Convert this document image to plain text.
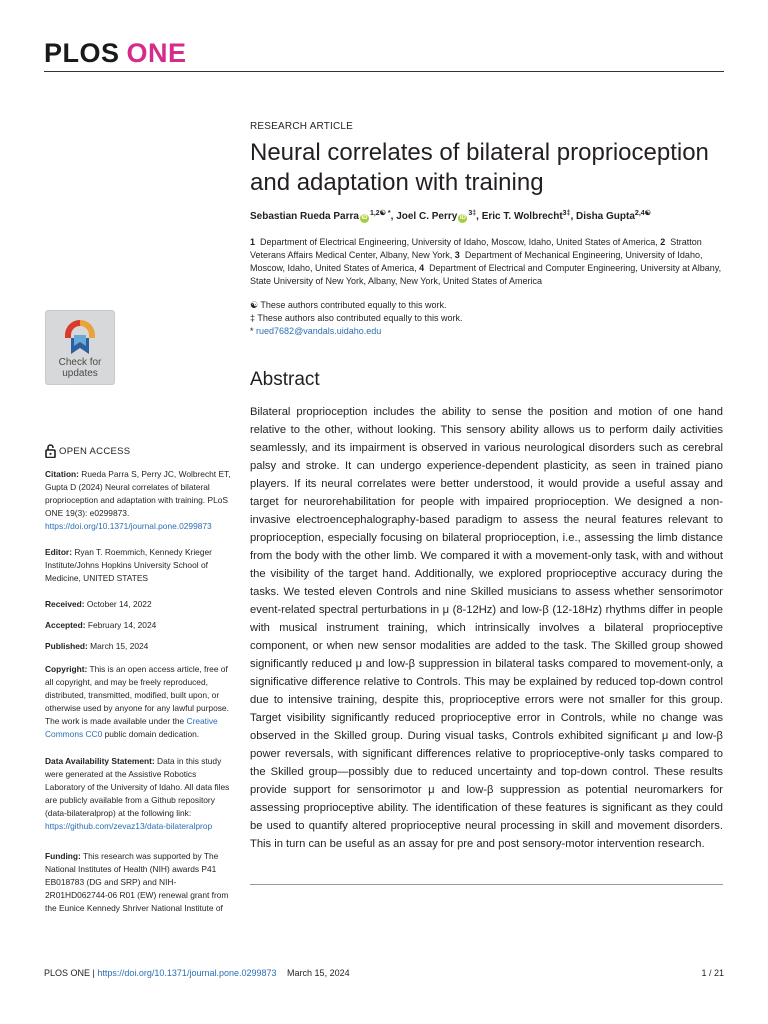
PLOS ONE
Check for
updates
RESEARCH ARTICLE
Neural correlates of bilateral proprioception and adaptation with training
Sebastian Rueda Parra $iD^{1,2☯ *}$, Joel C. Perry $iD^{3\ddagger}$, Eric T. Wolbrecht$^{3\ddagger}$, Disha Gupta$^{2,4☯}$
1 Department of Electrical Engineering, University of Idaho, Moscow, Idaho, United States of America, 2 Stratton Veterans Affairs Medical Center, Albany, New York, 3 Department of Mechanical Engineering, University of Idaho, Moscow, Idaho, United States of America, 4 Department of Electrical and Computer Engineering, University at Albany, State University of New York, Albany, New York, United States of America
☯ These authors contributed equally to this work.
‡ These authors also contributed equally to this work.
* rued7682@vandals.uidaho.edu
Abstract
Bilateral proprioception includes the ability to sense the position and motion of one hand relative to the other, without looking. This sensory ability allows us to perform daily activities seamlessly, and its impairment is observed in various neurological disorders such as cerebral palsy and stroke. It can undergo experience-dependent plasticity, as seen in trained piano players. If its neural correlates were better understood, it would provide a useful assay and target for neurorehabilitation for people with impaired proprioception. We designed a non-invasive electroencephalography-based paradigm to assess the neural features relevant to proprioception, especially focusing on bilateral proprioception, i.e., assessing the limb distance from the body with the other limb. We compared it with a movement-only task, with and without the visibility of the target hand. Additionally, we explored proprioceptive accuracy during the tasks. We tested eleven Controls and nine Skilled musicians to assess whether sensorimotor event-related spectral perturbations in μ (8-12Hz) and low-β (12-18Hz) rhythms differ in people with musical instrument training, which intrinsically involves a bilateral proprioceptive component, or when new sensor modalities are added to the task. The Skilled group showed significantly reduced μ and low-β suppression in bilateral tasks compared to movement-only, a significative difference relative to Controls. This may be explained by reduced top-down control due to intensive training, despite this, proprioceptive errors were not smaller for this group. Target visibility significantly reduced proprioceptive error in Controls, while no change was observed in the Skilled group. During visual tasks, Controls exhibited significant μ and low-β power reversals, with significant differences relative to proprioceptive-only tasks compared to the Skilled group—possibly due to reduced uncertainty and top-down control. These results provide support for sensorimotor μ and low-β suppression as potential neuromarkers for assessing proprioceptive ability. The identification of these features is significant as they could be used to quantify altered proprioceptive neural processing in skill and movement disorders. This in turn can be useful as an assay for pre and post sensory-motor intervention research.
OPEN ACCESS
Citation: Rueda Parra S, Perry JC, Wolbrecht ET, Gupta D (2024) Neural correlates of bilateral proprioception and adaptation with training. PLoS ONE 19(3): e0299873. https://doi.org/10.1371/journal.pone.0299873
Editor: Ryan T. Roemmich, Kennedy Krieger Institute/Johns Hopkins University School of Medicine, UNITED STATES
Received: October 14, 2022
Accepted: February 14, 2024
Published: March 15, 2024
Copyright: This is an open access article, free of all copyright, and may be freely reproduced, distributed, transmitted, modified, built upon, or otherwise used by anyone for any lawful purpose. The work is made available under the Creative Commons CC0 public domain dedication.
Data Availability Statement: Data in this study were generated at the Assistive Robotics Laboratory of the University of Idaho. All data files are publicly available from a Github repository (data-bilateralprop) at the following link: https://github.com/zevaz13/data-bilateralprop
Funding: This research was supported by The National Institutes of Health (NIH) awards P41 EB018783 (DG and SRP) and NIH-2R01HD062744-06 R01 (EW) renewal grant from the Eunice Kennedy Shriver National Institute of
PLOS ONE | https://doi.org/10.1371/journal.pone.0299873 March 15, 2024	1 / 21
